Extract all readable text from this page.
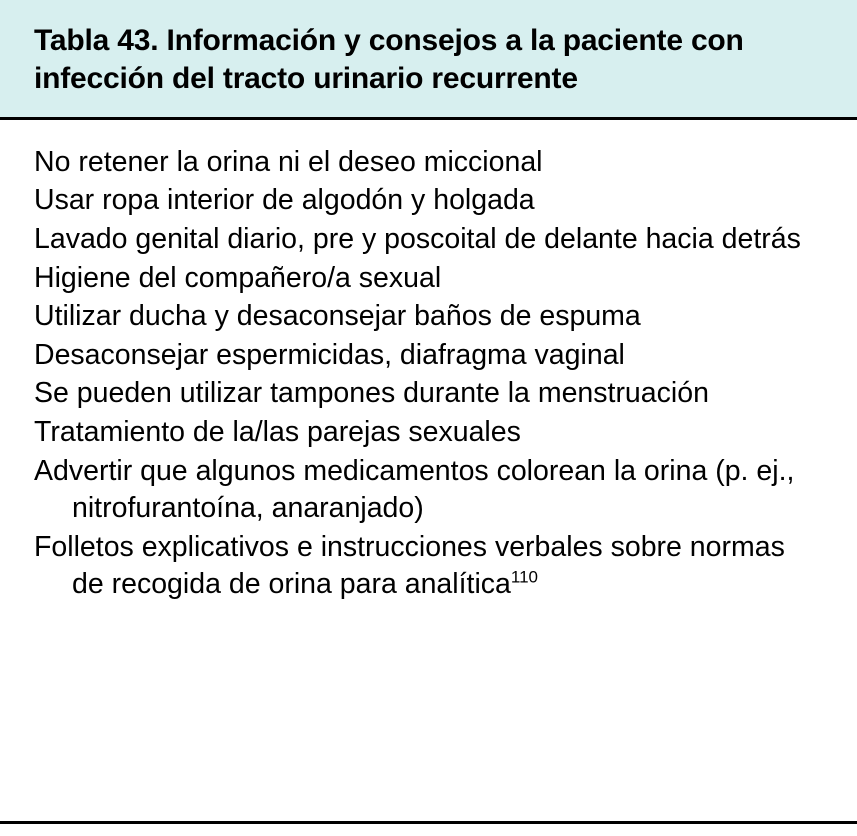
Tabla 43. Información y consejos a la paciente con infección del tracto urinario recurrente

No retener la orina ni el deseo miccional
Usar ropa interior de algodón y holgada
Lavado genital diario, pre y poscoital de delante hacia detrás
Higiene del compañero/a sexual
Utilizar ducha y desaconsejar baños de espuma
Desaconsejar espermicidas, diafragma vaginal
Se pueden utilizar tampones durante la menstruación
Tratamiento de la/las parejas sexuales
Advertir que algunos medicamentos colorean la orina (p. ej., nitrofurantoína, anaranjado)
Folletos explicativos e instrucciones verbales sobre normas de recogida de orina para analítica$^{110}$
